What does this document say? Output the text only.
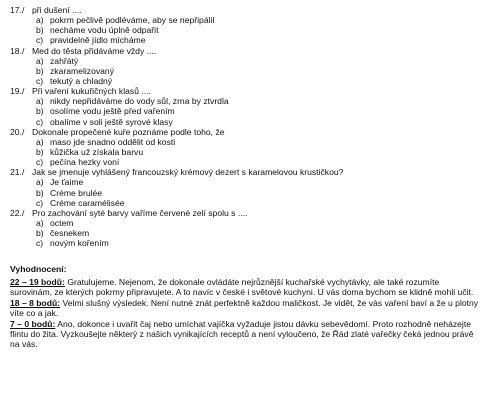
17./ při dušení ....
a) pokrm pečlivě podléváme, aby se nepřipálil
b) necháme vodu úplně odpařit
c) pravidelně jídlo mícháme
18./ Med do těsta přidáváme vždy ....
a) zahřátý
b) zkaramelizovaný
c) tekutý a chladný
19./ Při vaření kukuřičných klasů ....
a) nikdy nepřidáváme do vody sůl, zrna by ztvrdla
b) osolíme vodu ještě před vařením
c) obalíme v soli ještě syrové klasy
20./ Dokonale propečené kuře poznáme podle toho, že
a) maso jde snadno oddělit od kosti
b) kůžička už získala barvu
c) pečína hezky voní
21./ Jak se jmenuje vyhlášený francouzský krémový dezert s karamelovou krustičkou?
a) Je ťaime
b) Créme brulée
c) Créme caramélisée
22./ Pro zachování syté barvy vaříme červené zelí spolu s ....
a) octem
b) česnekem
c) novým kořením
Vyhodnocení:
22 – 19 bodů: Gratulujeme. Nejenom, že dokonale ovládáte nejrůznější kuchařské vychytávky, ale také rozumíte surovinám, ze kterých pokrmy připravujete. A to navíc v české i světové kuchyni. U vás doma bychom se klidně mohli učit.
18 – 8 bodů: Velmi slušný výsledek. Není nutné znát perfektně každou maličkost. Je vidět, že vás vaření baví a že u plotny víte co a jak.
7 – 0 bodů: Ano, dokonce i uvařit čaj nebo umíchat vajíčka vyžaduje jistou dávku sebevědomí. Proto rozhodně neházejte flintu do žita. Vyzkoušejte některý z našich vynikajících receptů a není vyloučeno, že Řád zlaté vařečky čeká jednou právě na vás.
